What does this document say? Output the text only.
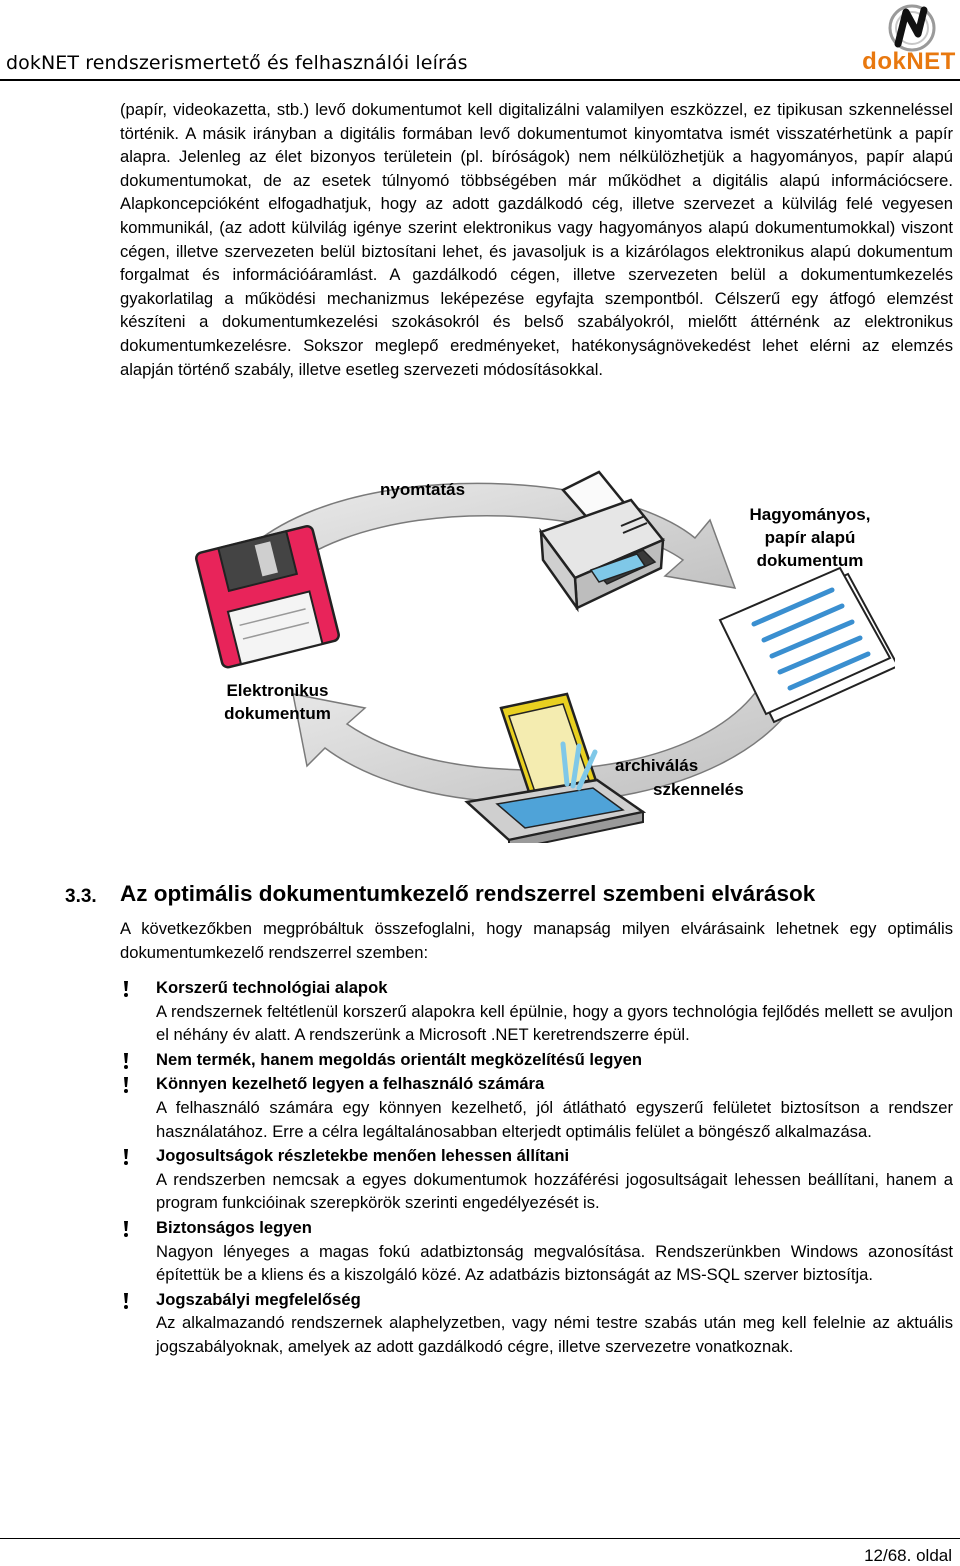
dokNET rendszerismertető és felhasználói leírás	dokNET

(papír, videokazetta, stb.) levő dokumentumot kell digitalizálni valamilyen eszközzel, ez tipikusan szkenneléssel történik. A másik irányban a digitális formában levő dokumentumot kinyomtatva ismét visszatérhetünk a papír alapra. Jelenleg az élet bizonyos területein (pl. bíróságok) nem nélkülözhetjük a hagyományos, papír alapú dokumentumokat, de az esetek túlnyomó többségében már működhet a digitális alapú információcsere. Alapkoncepcióként elfogadhatjuk, hogy az adott gazdálkodó cég, illetve szervezet a külvilág felé vegyesen kommunikál, (az adott külvilág igénye szerint elektronikus vagy hagyományos alapú dokumentumokkal) viszont cégen, illetve szervezeten belül biztosítani lehet, és javasoljuk is a kizárólagos elektronikus alapú dokumentum forgalmat és információáramlást. A gazdálkodó cégen, illetve szervezeten belül a dokumentumkezelés gyakorlatilag a működési mechanizmus leképezése egyfajta szempontból. Célszerű egy átfogó elemzést készíteni a dokumentumkezelési szokásokról és belső szabályokról, mielőtt áttérnénk az elektronikus dokumentumkezelésre. Sokszor meglepő eredményeket, hatékonyságnövekedést lehet elérni az elemzés alapján történő szabály, illetve esetleg szervezeti módosításokkal.

nyomtatás
Hagyományos,
papír alapú
dokumentum
Elektronikus
dokumentum
archiválás
szkennelés
3.3. Az optimális dokumentumkezelő rendszerrel szembeni elvárások
A következőkben megpróbáltuk összefoglalni, hogy manapság milyen elvárásaink lehetnek egy optimális dokumentumkezelő rendszerrel szemben:
Korszerű technológiai alapok
A rendszernek feltétlenül korszerű alapokra kell épülnie, hogy a gyors technológia fejlődés mellett se avuljon el néhány év alatt. A rendszerünk a Microsoft .NET keretrendszerre épül.
Nem termék, hanem megoldás orientált megközelítésű legyen
Könnyen kezelhető legyen a felhasználó számára
A felhasználó számára egy könnyen kezelhető, jól átlátható egyszerű felületet biztosítson a rendszer használatához. Erre a célra legáltalánosabban elterjedt optimális felület a böngésző alkalmazása.
Jogosultságok részletekbe menően lehessen állítani
A rendszerben nemcsak a egyes dokumentumok hozzáférési jogosultságait lehessen beállítani, hanem a program funkcióinak szerepkörök szerinti engedélyezését is.
Biztonságos legyen
Nagyon lényeges a magas fokú adatbiztonság megvalósítása. Rendszerünkben Windows azonosítást építettük be a kliens és a kiszolgáló közé. Az adatbázis biztonságát az MS-SQL szerver biztosítja.
Jogszabályi megfelelőség
Az alkalmazandó rendszernek alaphelyzetben, vagy némi testre szabás után meg kell felelnie az aktuális jogszabályoknak, amelyek az adott gazdálkodó cégre, illetve szervezetre vonatkoznak.
12/68. oldal
